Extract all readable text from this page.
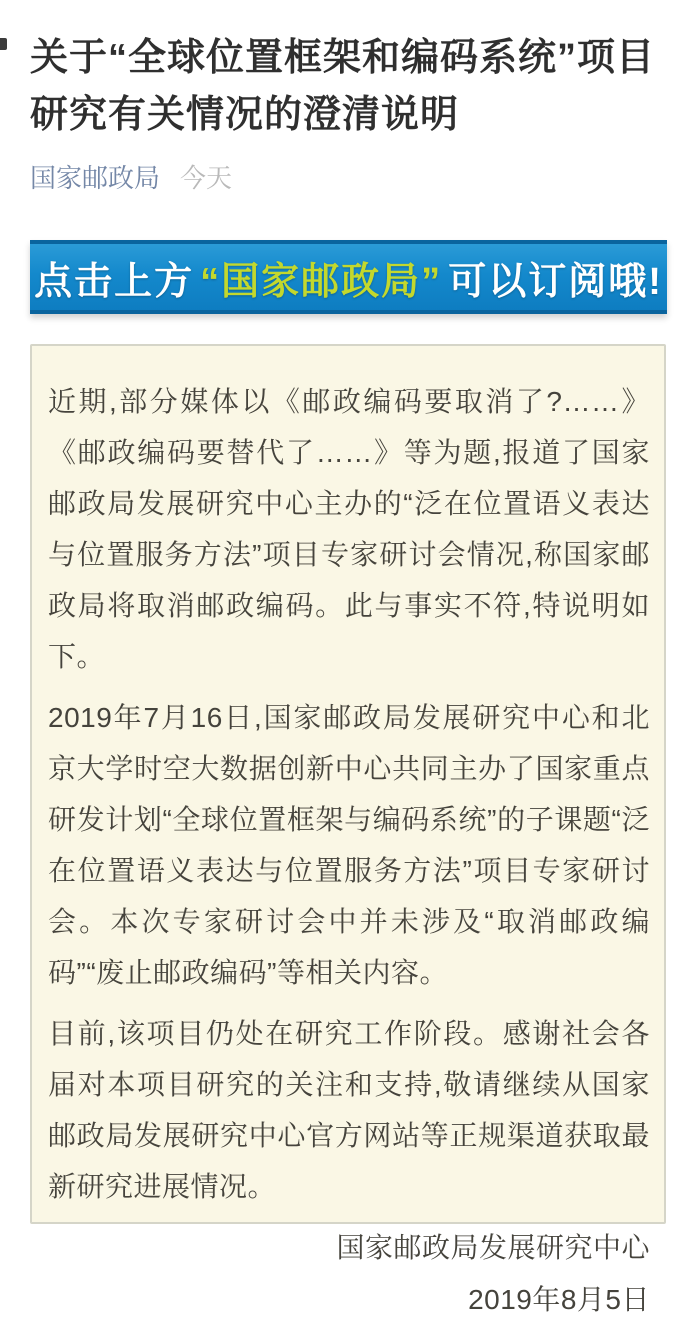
关于“全球位置框架和编码系统”项目研究有关情况的澄清说明
国家邮政局 今天
点击上方 “国家邮政局” 可以订阅哦!

近期,部分媒体以《邮政编码要取消了?……》《邮政编码要替代了……》等为题,报道了国家邮政局发展研究中心主办的“泛在位置语义表达与位置服务方法”项目专家研讨会情况,称国家邮政局将取消邮政编码。此与事实不符,特说明如下。

2019年7月16日,国家邮政局发展研究中心和北京大学时空大数据创新中心共同主办了国家重点研发计划“全球位置框架与编码系统”的子课题“泛在位置语义表达与位置服务方法”项目专家研讨会。本次专家研讨会中并未涉及“取消邮政编码”“废止邮政编码”等相关内容。

目前,该项目仍处在研究工作阶段。感谢社会各届对本项目研究的关注和支持,敬请继续从国家邮政局发展研究中心官方网站等正规渠道获取最新研究进展情况。

国家邮政局发展研究中心
2019年8月5日
